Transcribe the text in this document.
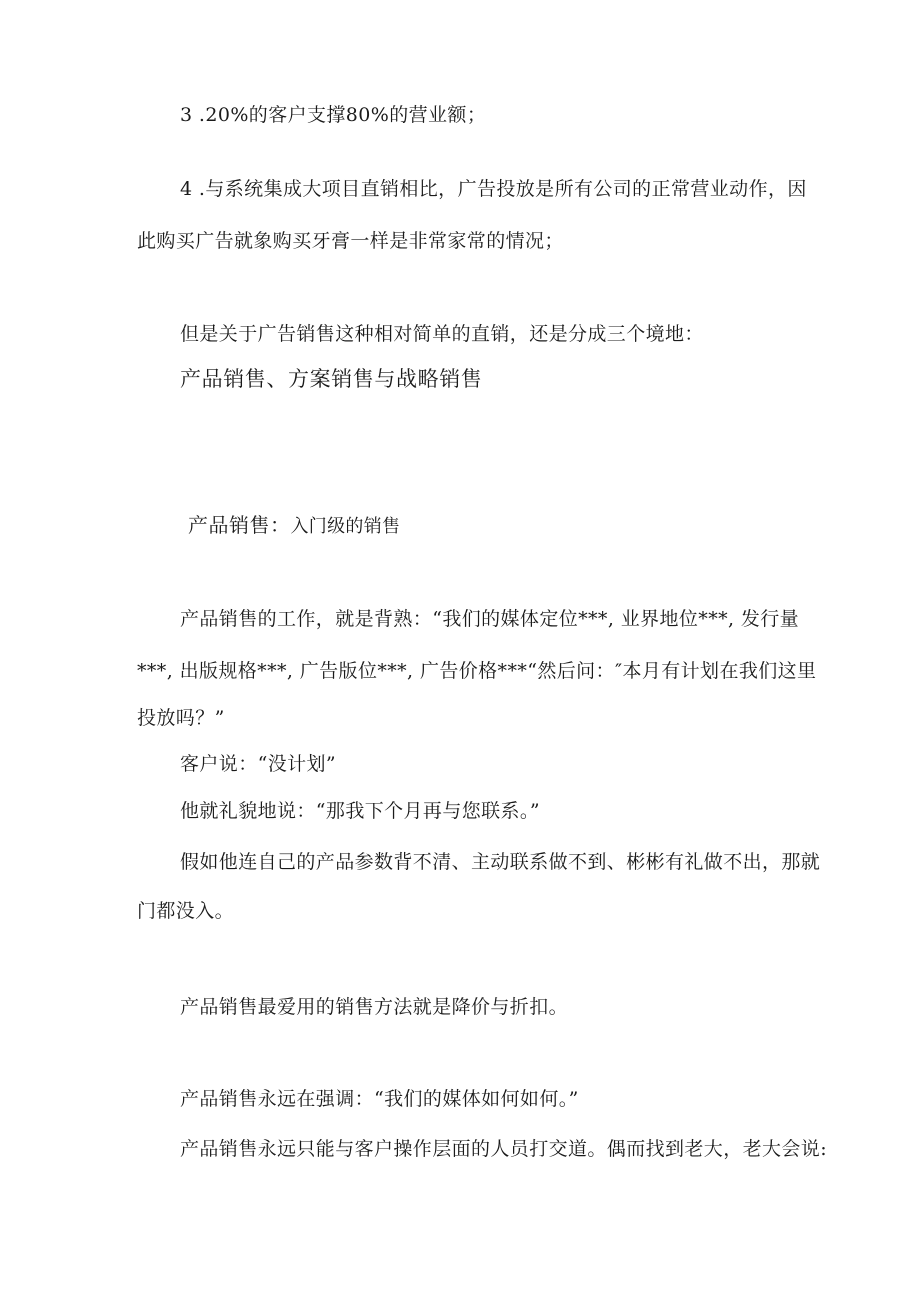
3 .20%的客户支撑80%的营业额；
4 .与系统集成大项目直销相比，广告投放是所有公司的正常营业动作，因
此购买广告就象购买牙膏一样是非常家常的情况；
但是关于广告销售这种相对简单的直销，还是分成三个境地：
产品销售、方案销售与战略销售
产品销售：入门级的销售
产品销售的工作，就是背熟：“我们的媒体定位***, 业界地位***, 发行量
***, 出版规格***, 广告版位***, 广告价格***“然后问：″本月有计划在我们这里
投放吗？”
客户说：“没计划”
他就礼貌地说：“那我下个月再与您联系。”
假如他连自己的产品参数背不清、主动联系做不到、彬彬有礼做不出，那就
门都没入。
产品销售最爱用的销售方法就是降价与折扣。
产品销售永远在强调：“我们的媒体如何如何。”
产品销售永远只能与客户操作层面的人员打交道。偶而找到老大，老大会说:
